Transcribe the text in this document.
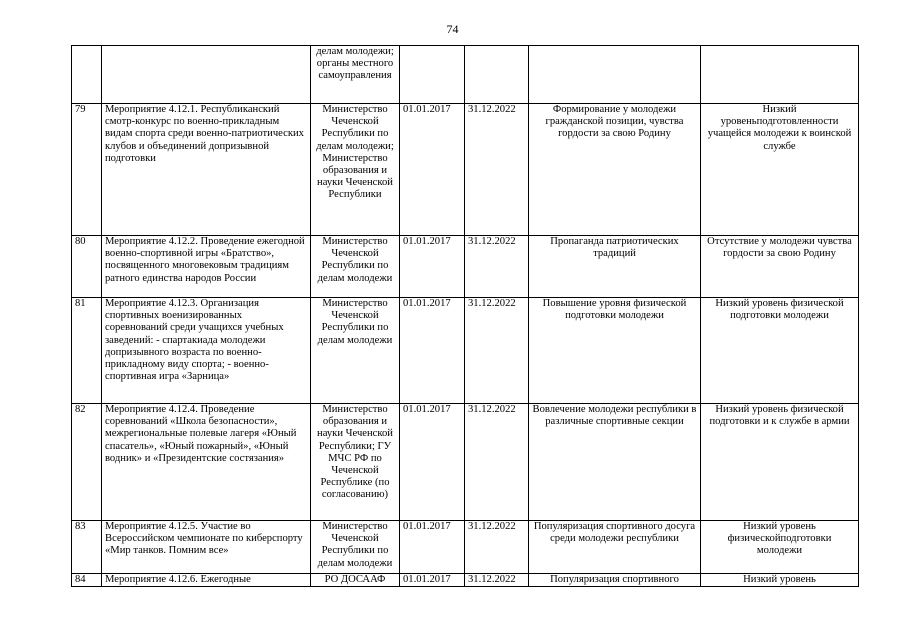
74
		делам молодежи; органы местного самоуправления				
79	Мероприятие 4.12.1. Республиканский смотр-конкурс по военно-прикладным видам спорта среди военно-патриотических клубов и объединений допризывной подготовки	Министерство Чеченской Республики по делам молодежи; Министерство образования и науки Чеченской Республики	01.01.2017	31.12.2022	Формирование у молодежи гражданской позиции, чувства гордости за свою Родину	Низкий уровеньподготовленности учащейся молодежи к воинской службе
80	Мероприятие 4.12.2. Проведение ежегодной военно-спортивной игры «Братство», посвященного многовековым традициям ратного единства народов России	Министерство Чеченской Республики по делам молодежи	01.01.2017	31.12.2022	Пропаганда патриотических традиций	Отсутствие у молодежи чувства гордости за свою Родину
81	Мероприятие 4.12.3. Организация спортивных военизированных соревнований среди учащихся учебных заведений: - спартакиада молодежи допризывного возраста по военно-прикладному виду спорта; - военно-спортивная игра «Зарница»	Министерство Чеченской Республики по делам молодежи	01.01.2017	31.12.2022	Повышение уровня физической подготовки молодежи	Низкий уровень физической подготовки молодежи
82	Мероприятие 4.12.4. Проведение соревнований «Школа безопасности», межрегиональные полевые лагеря «Юный спасатель», «Юный пожарный», «Юный водник» и «Президентские состязания»	Министерство образования и науки Чеченской Республики; ГУ МЧС РФ по Чеченской Республике (по согласованию)	01.01.2017	31.12.2022	Вовлечение молодежи республики в различные спортивные секции	Низкий уровень физической подготовки и к службе в армии
83	Мероприятие 4.12.5. Участие во Всероссийском чемпионате по киберспорту «Мир танков. Помним все»	Министерство Чеченской Республики по делам молодежи	01.01.2017	31.12.2022	Популяризация спортивного досуга среди молодежи республики	Низкий уровень физическойподготовки молодежи
84	Мероприятие 4.12.6. Ежегодные	РО ДОСААФ	01.01.2017	31.12.2022	Популяризация спортивного	Низкий уровень
